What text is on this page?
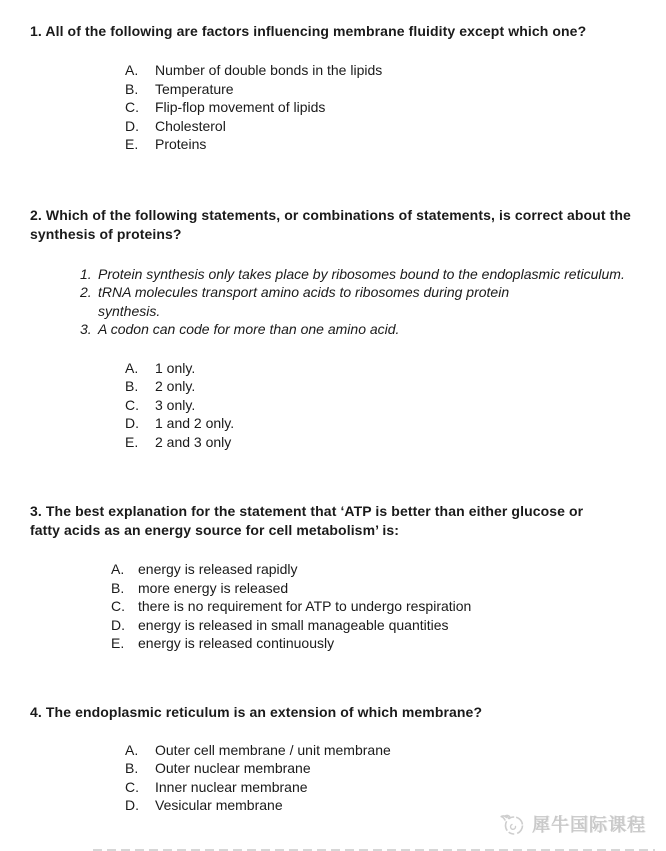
1. All of the following are factors influencing membrane fluidity except which one?

A.	Number of double bonds in the lipids
B.	Temperature
C.	Flip-flop movement of lipids
D.	Cholesterol
E.	Proteins

2. Which of the following statements, or combinations of statements, is correct about the synthesis of proteins?

1. Protein synthesis only takes place by ribosomes bound to the endoplasmic reticulum.
2. tRNA molecules transport amino acids to ribosomes during protein synthesis.
3. A codon can code for more than one amino acid.
A.	1 only.
B.	2 only.
C.	3 only.
D.	1 and 2 only.
E.	2 and 3 only

3. The best explanation for the statement that ‘ATP is better than either glucose or fatty acids as an energy source for cell metabolism’ is:

A. energy is released rapidly
B. more energy is released
C. there is no requirement for ATP to undergo respiration
D. energy is released in small manageable quantities
E. energy is released continuously

4. The endoplasmic reticulum is an extension of which membrane?

A.	Outer cell membrane / unit membrane
B.	Outer nuclear membrane
C.	Inner nuclear membrane
D.	Vesicular membrane
犀牛国际课程
